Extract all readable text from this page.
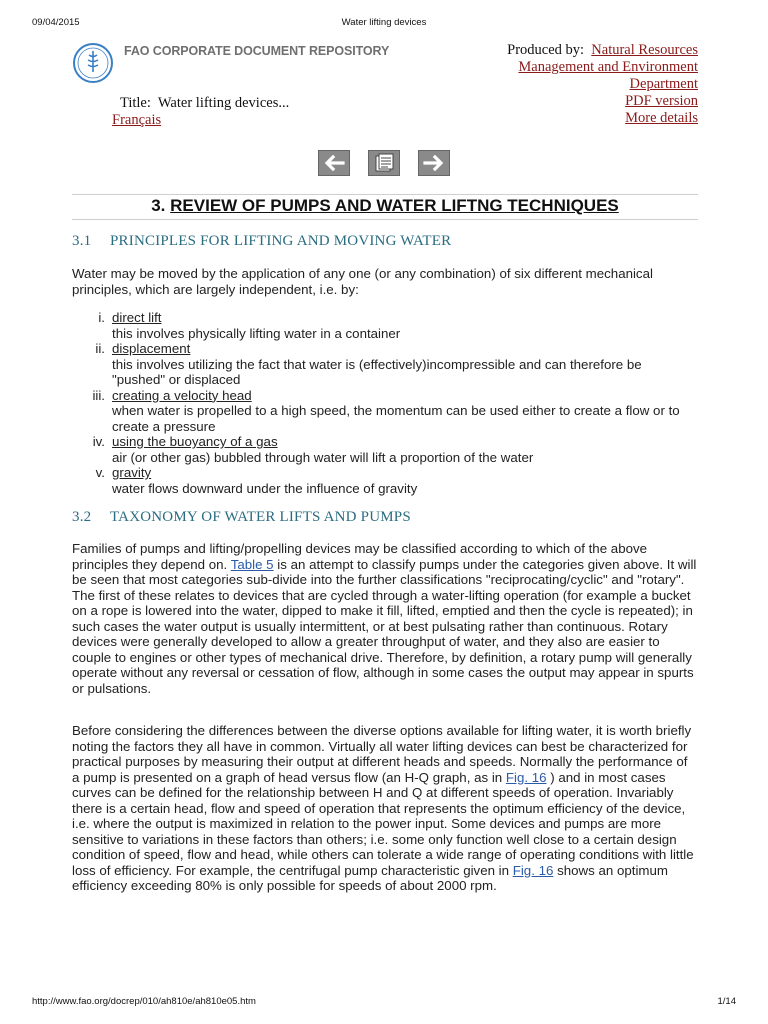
09/04/2015	Water lifting devices
FAO CORPORATE DOCUMENT REPOSITORY	Produced by: Natural Resources
Management and Environment
Department
PDF version
More details
Title: Water lifting devices...
Français
3. REVIEW OF PUMPS AND WATER LIFTNG TECHNIQUES
3.1 PRINCIPLES FOR LIFTING AND MOVING WATER
Water may be moved by the application of any one (or any combination) of six different mechanical principles, which are largely independent, i.e. by:
i. direct lift
this involves physically lifting water in a container
ii. displacement
this involves utilizing the fact that water is (effectively)incompressible and can therefore be "pushed" or displaced
iii. creating a velocity head
when water is propelled to a high speed, the momentum can be used either to create a flow or to create a pressure
iv. using the buoyancy of a gas
air (or other gas) bubbled through water will lift a proportion of the water
v. gravity
water flows downward under the influence of gravity
3.2 TAXONOMY OF WATER LIFTS AND PUMPS
Families of pumps and lifting/propelling devices may be classified according to which of the above principles they depend on. Table 5 is an attempt to classify pumps under the categories given above. It will be seen that most categories sub-divide into the further classifications "reciprocating/cyclic" and "rotary". The first of these relates to devices that are cycled through a water-lifting operation (for example a bucket on a rope is lowered into the water, dipped to make it fill, lifted, emptied and then the cycle is repeated); in such cases the water output is usually intermittent, or at best pulsating rather than continuous. Rotary devices were generally developed to allow a greater throughput of water, and they also are easier to couple to engines or other types of mechanical drive. Therefore, by definition, a rotary pump will generally operate without any reversal or cessation of flow, although in some cases the output may appear in spurts or pulsations.
Before considering the differences between the diverse options available for lifting water, it is worth briefly noting the factors they all have in common. Virtually all water lifting devices can best be characterized for practical purposes by measuring their output at different heads and speeds. Normally the performance of a pump is presented on a graph of head versus flow (an H-Q graph, as in Fig. 16 ) and in most cases curves can be defined for the relationship between H and Q at different speeds of operation. Invariably there is a certain head, flow and speed of operation that represents the optimum efficiency of the device, i.e. where the output is maximized in relation to the power input. Some devices and pumps are more sensitive to variations in these factors than others; i.e. some only function well close to a certain design condition of speed, flow and head, while others can tolerate a wide range of operating conditions with little loss of efficiency. For example, the centrifugal pump characteristic given in Fig. 16 shows an optimum efficiency exceeding 80% is only possible for speeds of about 2000 rpm.
http://www.fao.org/docrep/010/ah810e/ah810e05.htm	1/14
